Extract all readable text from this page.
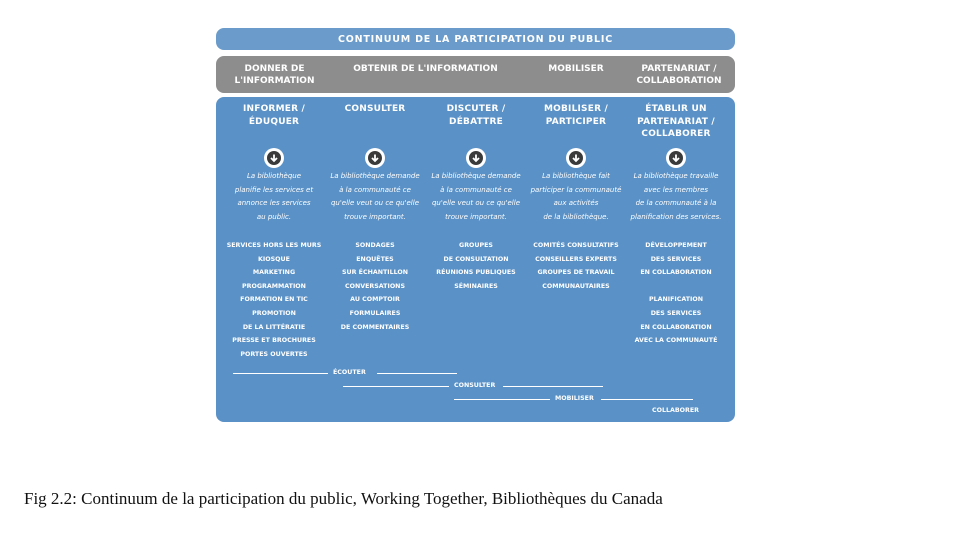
CONTINUUM DE LA PARTICIPATION DU PUBLIC
DONNER DE
L'INFORMATION
OBTENIR DE L'INFORMATION	MOBILISER	PARTENARIAT /
COLLABORATION
INFORMER /
ÉDUQUER
La bibliothèque
planifie les services et
annonce les services
au public.
SERVICES HORS LES MURS
KIOSQUE
MARKETING
PROGRAMMATION
FORMATION EN TIC
PROMOTION
DE LA LITTÉRATIE
PRESSE ET BROCHURES
PORTES OUVERTES
CONSULTER
La bibliothèque demande
à la communauté ce
qu'elle veut ou ce qu'elle
trouve important.
SONDAGES
ENQUÊTES
SUR ÉCHANTILLON
CONVERSATIONS
AU COMPTOIR
FORMULAIRES
DE COMMENTAIRES
DISCUTER /
DÉBATTRE
La bibliothèque demande
à la communauté ce
qu'elle veut ou ce qu'elle
trouve important.
GROUPES
DE CONSULTATION
RÉUNIONS PUBLIQUES
SÉMINAIRES
MOBILISER /
PARTICIPER
La bibliothèque fait
participer la communauté
aux activités
de la bibliothèque.
COMITÉS CONSULTATIFS
CONSEILLERS EXPERTS
GROUPES DE TRAVAIL
COMMUNAUTAIRES
ÉTABLIR UN
PARTENARIAT /
COLLABORER
La bibliothèque travaille
avec les membres
de la communauté à la
planification des services.
DÉVELOPPEMENT
DES SERVICES
EN COLLABORATION
PLANIFICATION
DES SERVICES
EN COLLABORATION
AVEC LA COMMUNAUTÉ
ÉCOUTER
CONSULTER
MOBILISER
COLLABORER
Fig 2.2: Continuum de la participation du public, Working Together, Bibliothèques du Canada
